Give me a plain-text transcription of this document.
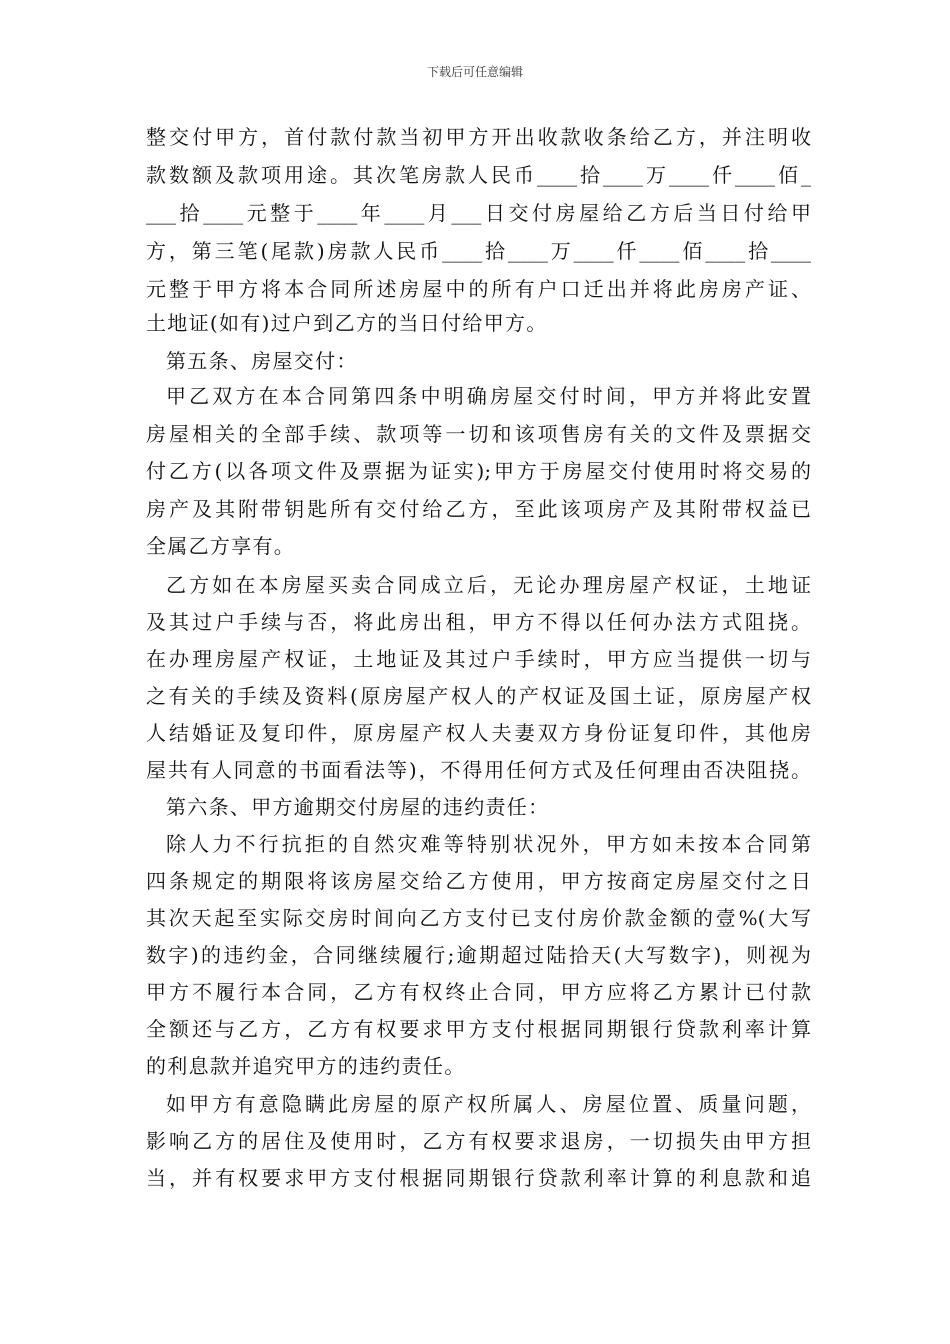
下载后可任意编辑
整交付甲方，首付款付款当初甲方开出收款收条给乙方，并注明收
款数额及款项用途。其次笔房款人民币____拾____万____仟____佰_
___拾____元整于____年____月___日交付房屋给乙方后当日付给甲
方，第三笔(尾款)房款人民币____拾____万____仟____佰____拾____
元整于甲方将本合同所述房屋中的所有户口迁出并将此房房产证、
土地证(如有)过户到乙方的当日付给甲方。
第五条、房屋交付：
甲乙双方在本合同第四条中明确房屋交付时间，甲方并将此安置
房屋相关的全部手续、款项等一切和该项售房有关的文件及票据交
付乙方(以各项文件及票据为证实);甲方于房屋交付使用时将交易的
房产及其附带钥匙所有交付给乙方，至此该项房产及其附带权益已
全属乙方享有。
乙方如在本房屋买卖合同成立后，无论办理房屋产权证，土地证
及其过户手续与否，将此房出租，甲方不得以任何办法方式阻挠。
在办理房屋产权证，土地证及其过户手续时，甲方应当提供一切与
之有关的手续及资料(原房屋产权人的产权证及国土证，原房屋产权
人结婚证及复印件，原房屋产权人夫妻双方身份证复印件，其他房
屋共有人同意的书面看法等)，不得用任何方式及任何理由否决阻挠。
第六条、甲方逾期交付房屋的违约责任：
除人力不行抗拒的自然灾难等特别状况外，甲方如未按本合同第
四条规定的期限将该房屋交给乙方使用，甲方按商定房屋交付之日
其次天起至实际交房时间向乙方支付已支付房价款金额的壹%(大写
数字)的违约金，合同继续履行;逾期超过陆拾天(大写数字)，则视为
甲方不履行本合同，乙方有权终止合同，甲方应将乙方累计已付款
全额还与乙方，乙方有权要求甲方支付根据同期银行贷款利率计算
的利息款并追究甲方的违约责任。
如甲方有意隐瞒此房屋的原产权所属人、房屋位置、质量问题，
影响乙方的居住及使用时，乙方有权要求退房，一切损失由甲方担
当，并有权要求甲方支付根据同期银行贷款利率计算的利息款和追
